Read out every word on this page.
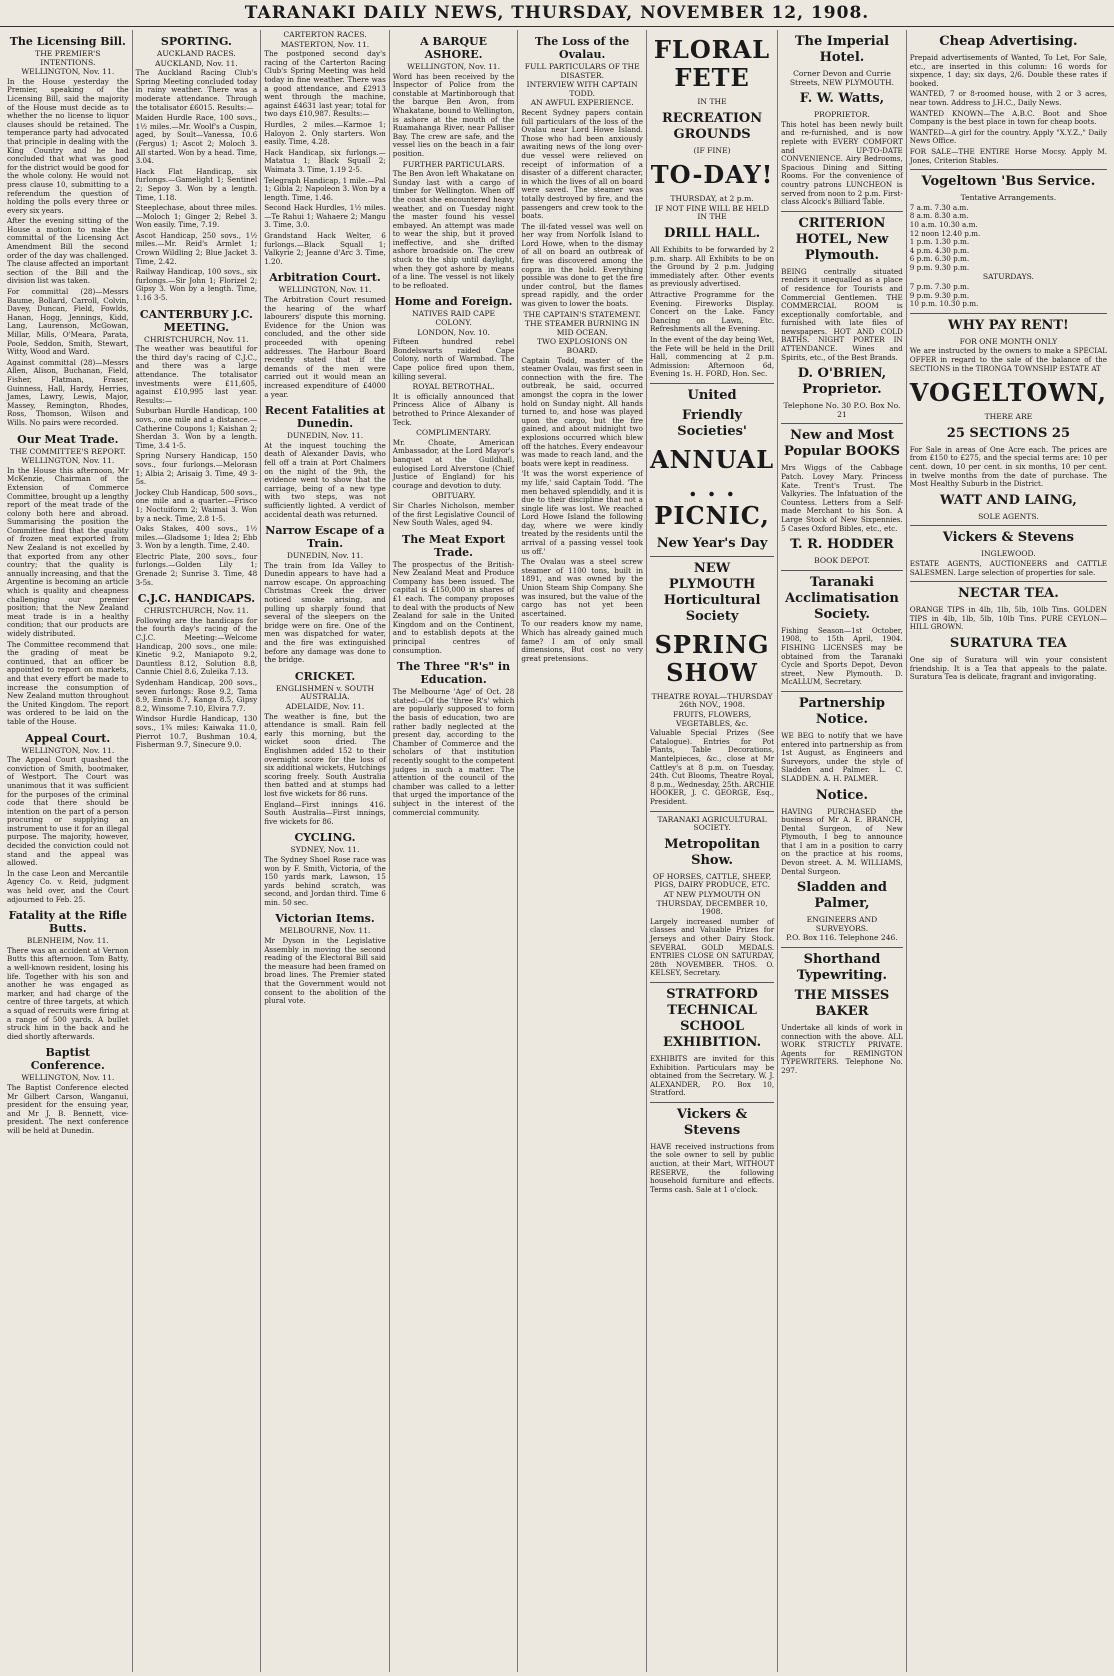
TARANAKI DAILY NEWS, THURSDAY, NOVEMBER 12, 1908.
The Licensing Bill.
THE PREMIER'S INTENTIONS.
WELLINGTON, Nov. 11.
In the House yesterday the Premier, speaking of the Licensing Bill, said the majority of the House must decide as to whether the no license to liquor clauses should be retained. The temperance party had advocated that principle in dealing with the King Country and he had concluded that what was good for the district would be good for the whole colony. He would not press clause 10, submitting to a referendum the question of holding the polls every three or every six years.
After the evening sitting of the House a motion to make the committal of the Licensing Act Amendment Bill the second order of the day was challenged. The clause affected an important section of the Bill and the division list was taken.
For committal (28)—Messrs Baume, Bollard, Carroll, Colvin, Davey, Duncan, Field, Fowlds, Hanan, Hogg, Jennings, Kidd, Lang, Laurenson, McGowan, Millar, Mills, O'Meara, Parata, Poole, Seddon, Smith, Stewart, Witty, Wood and Ward.
Against committal (28)—Messrs Allen, Alison, Buchanan, Field, Fisher, Flatman, Fraser, Guinness, Hall, Hardy, Herries, James, Lawry, Lewis, Major, Massey, Remington, Rhodes, Ross, Thomson, Wilson and Wills. No pairs were recorded.
Our Meat Trade.
THE COMMITTEE'S REPORT.
WELLINGTON, Nov. 11.
In the House this afternoon, Mr McKenzie, Chairman of the Extension of Commerce Committee, brought up a lengthy report of the meat trade of the colony both here and abroad. Summarising the position the Committee find that the quality of frozen meat exported from New Zealand is not excelled by that exported from any other country; that the quality is annually increasing, and that the Argentine is becoming an article which is quality and cheapness challenging our premier position; that the New Zealand meat trade is in a healthy condition; that our products are widely distributed.
The Committee recommend that the grading of meat be continued, that an officer be appointed to report on markets, and that every effort be made to increase the consumption of New Zealand mutton throughout the United Kingdom. The report was ordered to be laid on the table of the House.
Appeal Court.
WELLINGTON, Nov. 11.
The Appeal Court quashed the conviction of Smith, bootmaker, of Westport. The Court was unanimous that it was sufficient for the purposes of the criminal code that there should be intention on the part of a person procuring or supplying an instrument to use it for an illegal purpose. The majority, however, decided the conviction could not stand and the appeal was allowed.
In the case Leon and Mercantile Agency Co. v. Reid, judgment was held over, and the Court adjourned to Feb. 25.
Fatality at the Rifle Butts.
BLENHEIM, Nov. 11.
There was an accident at Vernon Butts this afternoon. Tom Batty, a well-known resident, losing his life. Together with his son and another he was engaged as marker, and had charge of the centre of three targets, at which a squad of recruits were firing at a range of 500 yards. A bullet struck him in the back and he died shortly afterwards.
Baptist Conference.
WELLINGTON, Nov. 11.
The Baptist Conference elected Mr Gilbert Carson, Wanganui, president for the ensuing year, and Mr J. B. Bennett, vice-president. The next conference will be held at Dunedin.
SPORTING.
AUCKLAND RACES.
AUCKLAND, Nov. 11.
The Auckland Racing Club's Spring Meeting concluded today in rainy weather. There was a moderate attendance. Through the totalisator £6015. Results:—
Maiden Hurdle Race, 100 sovs., 1½ miles.—Mr. Woolf's a Cuspin, aged, by Soult—Vanessa, 10.6 (Fergus) 1; Ascot 2; Moloch 3. All started. Won by a head. Time, 3.04.
Hack Flat Handicap, six furlongs.—Gamelight 1; Sentinel 2; Sepoy 3. Won by a length. Time, 1.18.
Steeplechase, about three miles.—Moloch 1; Ginger 2; Rebel 3. Won easily. Time, 7.19.
Ascot Handicap, 250 sovs., 1½ miles.—Mr. Reid's Armlet 1; Crown Wildling 2; Blue Jacket 3. Time, 2.42.
Railway Handicap, 100 sovs., six furlongs.—Sir John 1; Florizel 2; Gipsy 3. Won by a length. Time, 1.16 3-5.
CANTERBURY J.C. MEETING.
CHRISTCHURCH, Nov. 11.
The weather was beautiful for the third day's racing of C.J.C., and there was a large attendance. The totalisator investments were £11,605, against £10,995 last year. Results:—
Suburban Hurdle Handicap, 100 sovs., one mile and a distance.—Catherine Coupons 1; Kaishan 2; Sherdan 3. Won by a length. Time, 3.4 1-5.
Spring Nursery Handicap, 150 sovs., four furlongs.—Melorasn 1; Albia 2; Arisaig 3. Time, 49 3-5s.
Jockey Club Handicap, 500 sovs., one mile and a quarter.—Frisco 1; Noctuiform 2; Waimai 3. Won by a neck. Time, 2.8 1-5.
Oaks Stakes, 400 sovs., 1½ miles.—Gladsome 1; Idea 2; Ebb 3. Won by a length. Time, 2.40.
Electric Plate, 200 sovs., four furlongs.—Golden Lily 1; Grenade 2; Sunrise 3. Time, 48 3-5s.
C.J.C. HANDICAPS.
CHRISTCHURCH, Nov. 11.
Following are the handicaps for the fourth day's racing of the C.J.C. Meeting:—Welcome Handicap, 200 sovs., one mile: Kinetic 9.2, Maniapoto 9.2, Dauntless 8.12, Solution 8.8, Cannie Chiel 8.6, Zuleika 7.13.
Sydenham Handicap, 200 sovs., seven furlongs: Rose 9.2, Tama 8.9, Ennis 8.7, Kanga 8.5, Gipsy 8.2, Winsome 7.10, Elvira 7.7.
Windsor Hurdle Handicap, 130 sovs., 1¾ miles: Kaiwaka 11.0, Pierrot 10.7, Bushman 10.4, Fisherman 9.7, Sinecure 9.0.
CARTERTON RACES.
MASTERTON, Nov. 11.
The postponed second day's racing of the Carterton Racing Club's Spring Meeting was held today in fine weather. There was a good attendance, and £2913 went through the machine, against £4631 last year; total for two days £10,987. Results:—
Hurdles, 2 miles.—Karmoe 1; Haloyon 2. Only starters. Won easily. Time, 4.28.
Hack Handicap, six furlongs.—Matatua 1; Black Squall 2; Waimata 3. Time, 1.19 2-5.
Telegraph Handicap, 1 mile.—Pal 1; Gibla 2; Napoleon 3. Won by a length. Time, 1.46.
Second Hack Hurdles, 1½ miles.—Te Rahui 1; Wahaere 2; Mangu 3. Time, 3.0.
Grandstand Hack Welter, 6 furlongs.—Black Squall 1; Valkyrie 2; Jeanne d'Arc 3. Time, 1.20.
Arbitration Court.
WELLINGTON, Nov. 11.
The Arbitration Court resumed the hearing of the wharf labourers' dispute this morning. Evidence for the Union was concluded, and the other side proceeded with opening addresses. The Harbour Board recently stated that if the demands of the men were carried out it would mean an increased expenditure of £4000 a year.
Recent Fatalities at Dunedin.
DUNEDIN, Nov. 11.
At the inquest touching the death of Alexander Davis, who fell off a train at Port Chalmers on the night of the 9th, the evidence went to show that the carriage, being of a new type with two steps, was not sufficiently lighted. A verdict of accidental death was returned.
Narrow Escape of a Train.
DUNEDIN, Nov. 11.
The train from Ida Valley to Dunedin appears to have had a narrow escape. On approaching Christmas Creek the driver noticed smoke arising, and pulling up sharply found that several of the sleepers on the bridge were on fire. One of the men was dispatched for water, and the fire was extinguished before any damage was done to the bridge.
CRICKET.
ENGLISHMEN v. SOUTH AUSTRALIA.
ADELAIDE, Nov. 11.
The weather is fine, but the attendance is small. Rain fell early this morning, but the wicket soon dried. The Englishmen added 152 to their overnight score for the loss of six additional wickets, Hutchings scoring freely. South Australia then batted and at stumps had lost five wickets for 86 runs.
England—First innings 416. South Australia—First innings, five wickets for 86.
CYCLING.
SYDNEY, Nov. 11.
The Sydney Shoel Rose race was won by F. Smith, Victoria, of the 150 yards mark, Lawson, 15 yards behind scratch, was second, and Jordan third. Time 6 min. 50 sec.
Victorian Items.
MELBOURNE, Nov. 11.
Mr Dyson in the Legislative Assembly in moving the second reading of the Electoral Bill said the measure had been framed on broad lines. The Premier stated that the Government would not consent to the abolition of the plural vote.
A BARQUE ASHORE.
WELLINGTON, Nov. 11.
Word has been received by the Inspector of Police from the constable at Martinborough that the barque Ben Avon, from Whakatane, bound to Wellington, is ashore at the mouth of the Ruamahanga River, near Palliser Bay. The crew are safe, and the vessel lies on the beach in a fair position.
FURTHER PARTICULARS.
The Ben Avon left Whakatane on Sunday last with a cargo of timber for Wellington. When off the coast she encountered heavy weather, and on Tuesday night the master found his vessel embayed. An attempt was made to wear the ship, but it proved ineffective, and she drifted ashore broadside on. The crew stuck to the ship until daylight, when they got ashore by means of a line. The vessel is not likely to be refloated.
Home and Foreign.
NATIVES RAID CAPE COLONY.
LONDON, Nov. 10.
Fifteen hundred rebel Bondelswarts raided Cape Colony, north of Warmbad. The Cape police fired upon them, killing several.
ROYAL BETROTHAL.
It is officially announced that Princess Alice of Albany is betrothed to Prince Alexander of Teck.
COMPLIMENTARY.
Mr. Choate, American Ambassador, at the Lord Mayor's banquet at the Guildhall, eulogised Lord Alverstone (Chief Justice of England) for his courage and devotion to duty.
OBITUARY.
Sir Charles Nicholson, member of the first Legislative Council of New South Wales, aged 94.
The Meat Export Trade.
The prospectus of the British-New Zealand Meat and Produce Company has been issued. The capital is £150,000 in shares of £1 each. The company proposes to deal with the products of New Zealand for sale in the United Kingdom and on the Continent, and to establish depots at the principal centres of consumption.
The Three "R's" in Education.
The Melbourne 'Age' of Oct. 28 stated:—Of the 'three R's' which are popularly supposed to form the basis of education, two are rather badly neglected at the present day, according to the Chamber of Commerce and the scholars of that institution recently sought to the competent judges in such a matter. The attention of the council of the chamber was called to a letter that urged the importance of the subject in the interest of the commercial community.
The Loss of the Ovalau.
FULL PARTICULARS OF THE DISASTER.
INTERVIEW WITH CAPTAIN TODD.
AN AWFUL EXPERIENCE.
Recent Sydney papers contain full particulars of the loss of the Ovalau near Lord Howe Island. Those who had been anxiously awaiting news of the long over-due vessel were relieved on receipt of information of a disaster of a different character, in which the lives of all on board were saved. The steamer was totally destroyed by fire, and the passengers and crew took to the boats.
The ill-fated vessel was well on her way from Norfolk Island to Lord Howe, when to the dismay of all on board an outbreak of fire was discovered among the copra in the hold. Everything possible was done to get the fire under control, but the flames spread rapidly, and the order was given to lower the boats.
THE CAPTAIN'S STATEMENT.
THE STEAMER BURNING IN MID OCEAN.
TWO EXPLOSIONS ON BOARD.
Captain Todd, master of the steamer Ovalau, was first seen in connection with the fire. The outbreak, he said, occurred amongst the copra in the lower hold on Sunday night. All hands turned to, and hose was played upon the cargo, but the fire gained, and about midnight two explosions occurred which blew off the hatches. Every endeavour was made to reach land, and the boats were kept in readiness.
'It was the worst experience of my life,' said Captain Todd. 'The men behaved splendidly, and it is due to their discipline that not a single life was lost. We reached Lord Howe Island the following day, where we were kindly treated by the residents until the arrival of a passing vessel took us off.'
The Ovalau was a steel screw steamer of 1100 tons, built in 1891, and was owned by the Union Steam Ship Company. She was insured, but the value of the cargo has not yet been ascertained.
To our readers know my name, Which has already gained much fame? I am of only small dimensions, But cost no very great pretensions.
FLORAL FETE
IN THE
RECREATION GROUNDS
(IF FINE)
TO-DAY!
THURSDAY, at 2 p.m.
IF NOT FINE WILL BE HELD IN THE
DRILL HALL.
All Exhibits to be forwarded by 2 p.m. sharp. All Exhibits to be on the Ground by 2 p.m. Judging immediately after. Other events as previously advertised.
Attractive Programme for the Evening. Fireworks Display. Concert on the Lake. Fancy Dancing on Lawn, Etc. Refreshments all the Evening.
In the event of the day being Wet, the Fete will be held in the Drill Hall, commencing at 2 p.m. Admission: Afternoon 6d, Evening 1s. H. FORD, Hon. Sec.
United
Friendly Societies'
ANNUAL . . . PICNIC,
New Year's Day
NEW PLYMOUTH Horticultural Society
SPRING SHOW
THEATRE ROYAL—THURSDAY 26th NOV., 1908.
FRUITS, FLOWERS, VEGETABLES, &c.
Valuable Special Prizes (See Catalogue). Entries for Pot Plants, Table Decorations, Mantelpieces, &c., close at Mr Cattley's at 8 p.m. on Tuesday, 24th. Cut Blooms, Theatre Royal, 8 p.m., Wednesday, 25th. ARCHIE HOOKER, J. C. GEORGE, Esq., President.
TARANAKI AGRICULTURAL SOCIETY.
Metropolitan Show.
OF HORSES, CATTLE, SHEEP, PIGS, DAIRY PRODUCE, ETC.
AT NEW PLYMOUTH ON THURSDAY, DECEMBER 10, 1908.
Largely increased number of classes and Valuable Prizes for Jerseys and other Dairy Stock. SEVERAL GOLD MEDALS. ENTRIES CLOSE ON SATURDAY, 28th NOVEMBER. THOS. O. KELSEY, Secretary.
STRATFORD TECHNICAL SCHOOL EXHIBITION.
EXHIBITS are invited for this Exhibition. Particulars may be obtained from the Secretary. W. J. ALEXANDER, P.O. Box 10, Stratford.
Vickers & Stevens
HAVE received instructions from the sole owner to sell by public auction, at their Mart, WITHOUT RESERVE, the following household furniture and effects. Terms cash. Sale at 1 o'clock.
The Imperial Hotel.
Corner Devon and Currie Streets, NEW PLYMOUTH.
F. W. Watts,
PROPRIETOR.
This hotel has been newly built and re-furnished, and is now replete with EVERY COMFORT and UP-TO-DATE CONVENIENCE. Airy Bedrooms, Spacious Dining and Sitting Rooms. For the convenience of country patrons LUNCHEON is served from noon to 2 p.m. First-class Alcock's Billiard Table.
CRITERION HOTEL, New Plymouth.
BEING centrally situated renders it unequalled as a place of residence for Tourists and Commercial Gentlemen. THE COMMERCIAL ROOM is exceptionally comfortable, and furnished with late files of newspapers. HOT AND COLD BATHS. NIGHT PORTER IN ATTENDANCE. Wines and Spirits, etc., of the Best Brands.
D. O'BRIEN, Proprietor.
Telephone No. 30 P.O. Box No. 21
New and Most Popular BOOKS
Mrs Wiggs of the Cabbage Patch. Lovey Mary. Princess Kate. Trent's Trust. The Valkyries. The Infatuation of the Countess. Letters from a Self-made Merchant to his Son. A Large Stock of New Sixpennies. 5 Cases Oxford Bibles, etc., etc.
T. R. HODDER
BOOK DEPOT.
Taranaki Acclimatisation Society.
Fishing Season—1st October, 1908, to 15th April, 1904. FISHING LICENSES may be obtained from the Taranaki Cycle and Sports Depot, Devon street, New Plymouth. D. McALLUM, Secretary.
Partnership Notice.
WE BEG to notify that we have entered into partnership as from 1st August, as Engineers and Surveyors, under the style of Sladden and Palmer. L. C. SLADDEN. A. H. PALMER.
Notice.
HAVING PURCHASED the business of Mr A. E. BRANCH, Dental Surgeon, of New Plymouth, I beg to announce that I am in a position to carry on the practice at his rooms, Devon street. A. M. WILLIAMS, Dental Surgeon.
Sladden and Palmer,
ENGINEERS AND SURVEYORS.
P.O. Box 116. Telephone 246.
Shorthand Typewriting.
THE MISSES BAKER
Undertake all kinds of work in connection with the above. ALL WORK STRICTLY PRIVATE. Agents for REMINGTON TYPEWRITERS. Telephone No. 297.
Cheap Advertising.
Prepaid advertisements of Wanted, To Let, For Sale, etc., are inserted in this column: 16 words for sixpence, 1 day; six days, 2/6. Double these rates if booked.
WANTED, 7 or 8-roomed house, with 2 or 3 acres, near town. Address to J.H.C., Daily News.
WANTED KNOWN—The A.B.C. Boot and Shoe Company is the best place in town for cheap boots.
WANTED—A girl for the country. Apply "X.Y.Z.," Daily News Office.
FOR SALE—THE ENTIRE Horse Mocsy. Apply M. Jones, Criterion Stables.
Vogeltown 'Bus Service.
Tentative Arrangements.
7 a.m. 7.30 a.m.
8 a.m. 8.30 a.m.
10 a.m. 10.30 a.m.
12 noon 12.40 p.m.
1 p.m. 1.30 p.m.
4 p.m. 4.30 p.m.
6 p.m. 6.30 p.m.
9 p.m. 9.30 p.m.
SATURDAYS.
7 p.m. 7.30 p.m.
9 p.m. 9.30 p.m.
10 p.m. 10.30 p.m.
WHY PAY RENT!
FOR ONE MONTH ONLY
We are instructed by the owners to make a SPECIAL OFFER in regard to the sale of the balance of the SECTIONS in the TIRONGA TOWNSHIP ESTATE AT
VOGELTOWN,
THERE ARE
25 SECTIONS 25
For Sale in areas of One Acre each. The prices are from £150 to £275, and the special terms are: 10 per cent. down, 10 per cent. in six months, 10 per cent. in twelve months from the date of purchase. The Most Healthy Suburb in the District.
WATT AND LAING,
SOLE AGENTS.
Vickers & Stevens
INGLEWOOD.
ESTATE AGENTS, AUCTIONEERS and CATTLE SALESMEN. Large selection of properties for sale.
NECTAR TEA.
ORANGE TIPS in 4lb, 1lb, 5lb, 10lb Tins. GOLDEN TIPS in 4lb, 1lb, 5lb, 10lb Tins. PURE CEYLON—HILL GROWN.
SURATURA TEA
One sip of Suratura will win your consistent friendship. It is a Tea that appeals to the palate. Suratura Tea is delicate, fragrant and invigorating.
